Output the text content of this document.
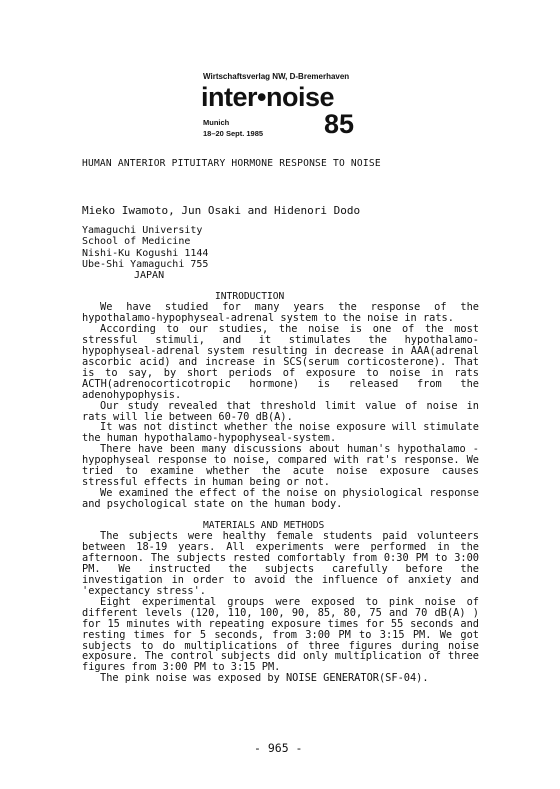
Wirtschaftsverlag NW, D-Bremerhaven
inter•noise
Munich
18–20 Sept. 1985 85
HUMAN ANTERIOR PITUITARY HORMONE RESPONSE TO NOISE
Mieko Iwamoto, Jun Osaki and Hidenori Dodo
Yamaguchi University
School of Medicine
Nishi-Ku Kogushi 1144
Ube-Shi Yamaguchi 755
JAPAN
INTRODUCTION

We have studied for many years the response of the hypothalamo-hypophyseal-adrenal system to the noise in rats.

According to our studies, the noise is one of the most stressful stimuli, and it stimulates the hypothalamo-hypophyseal-adrenal system resulting in decrease in AAA(adrenal ascorbic acid) and increase in SCS(serum corticosterone). That is to say, by short periods of exposure to noise in rats ACTH(adrenocorticotropic hormone) is released from the adenohypophysis.

Our study revealed that threshold limit value of noise in rats will lie between 60-70 dB(A).

It was not distinct whether the noise exposure will stimulate the human hypothalamo-hypophyseal-system.

There have been many discussions about human's hypothalamo - hypophyseal response to noise, compared with rat's response. We tried to examine whether the acute noise exposure causes stressful effects in human being or not.

We examined the effect of the noise on physiological response and psychological state on the human body.

MATERIALS AND METHODS

The subjects were healthy female students paid volunteers between 18-19 years. All experiments were performed in the afternoon. The subjects rested comfortably from 0:30 PM to 3:00 PM. We instructed the subjects carefully before the investigation in order to avoid the influence of anxiety and 'expectancy stress'.

Eight experimental groups were exposed to pink noise of different levels (120, 110, 100, 90, 85, 80, 75 and 70 dB(A) ) for 15 minutes with repeating exposure times for 55 seconds and resting times for 5 seconds, from 3:00 PM to 3:15 PM. We got subjects to do multiplications of three figures during noise exposure. The control subjects did only multiplication of three figures from 3:00 PM to 3:15 PM.

The pink noise was exposed by NOISE GENERATOR(SF-04).

- 965 -
